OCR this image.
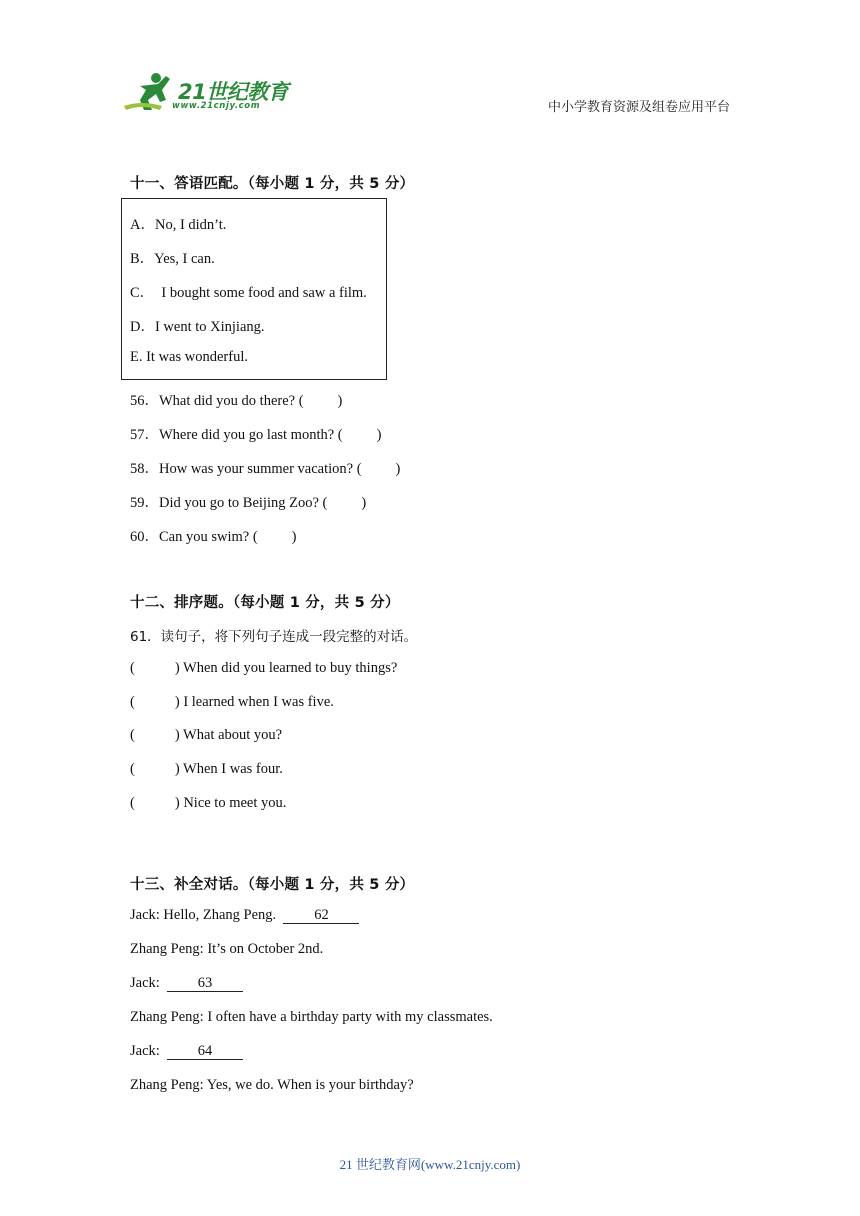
21世纪教育
www.21cnjy.com	中小学教育资源及组卷应用平台
十一、答语匹配。（每小题 1 分，共 5 分）
A．No, I didn’t.
B．Yes, I can.
C．  I bought some food and saw a film.
D．I went to Xinjiang.
E. It was wonderful.
56．What did you do there? ( )
57．Where did you go last month? ( )
58．How was your summer vacation? ( )
59．Did you go to Beijing Zoo? ( )
60．Can you swim? ( )
十二、排序题。（每小题 1 分，共 5 分）
61．读句子，将下列句子连成一段完整的对话。
(	) When did you learned to buy things?
(	) I learned when I was five.
(	) What about you?
(	) When I was four.
(	) Nice to meet you.
十三、补全对话。（每小题 1 分，共 5 分）
Jack: Hello, Zhang Peng.	62
Zhang Peng: It’s on October 2nd.
Jack:  63
Zhang Peng: I often have a birthday party with my classmates.
Jack:  64
Zhang Peng: Yes, we do. When is your birthday?
21 世纪教育网(www.21cnjy.com)
